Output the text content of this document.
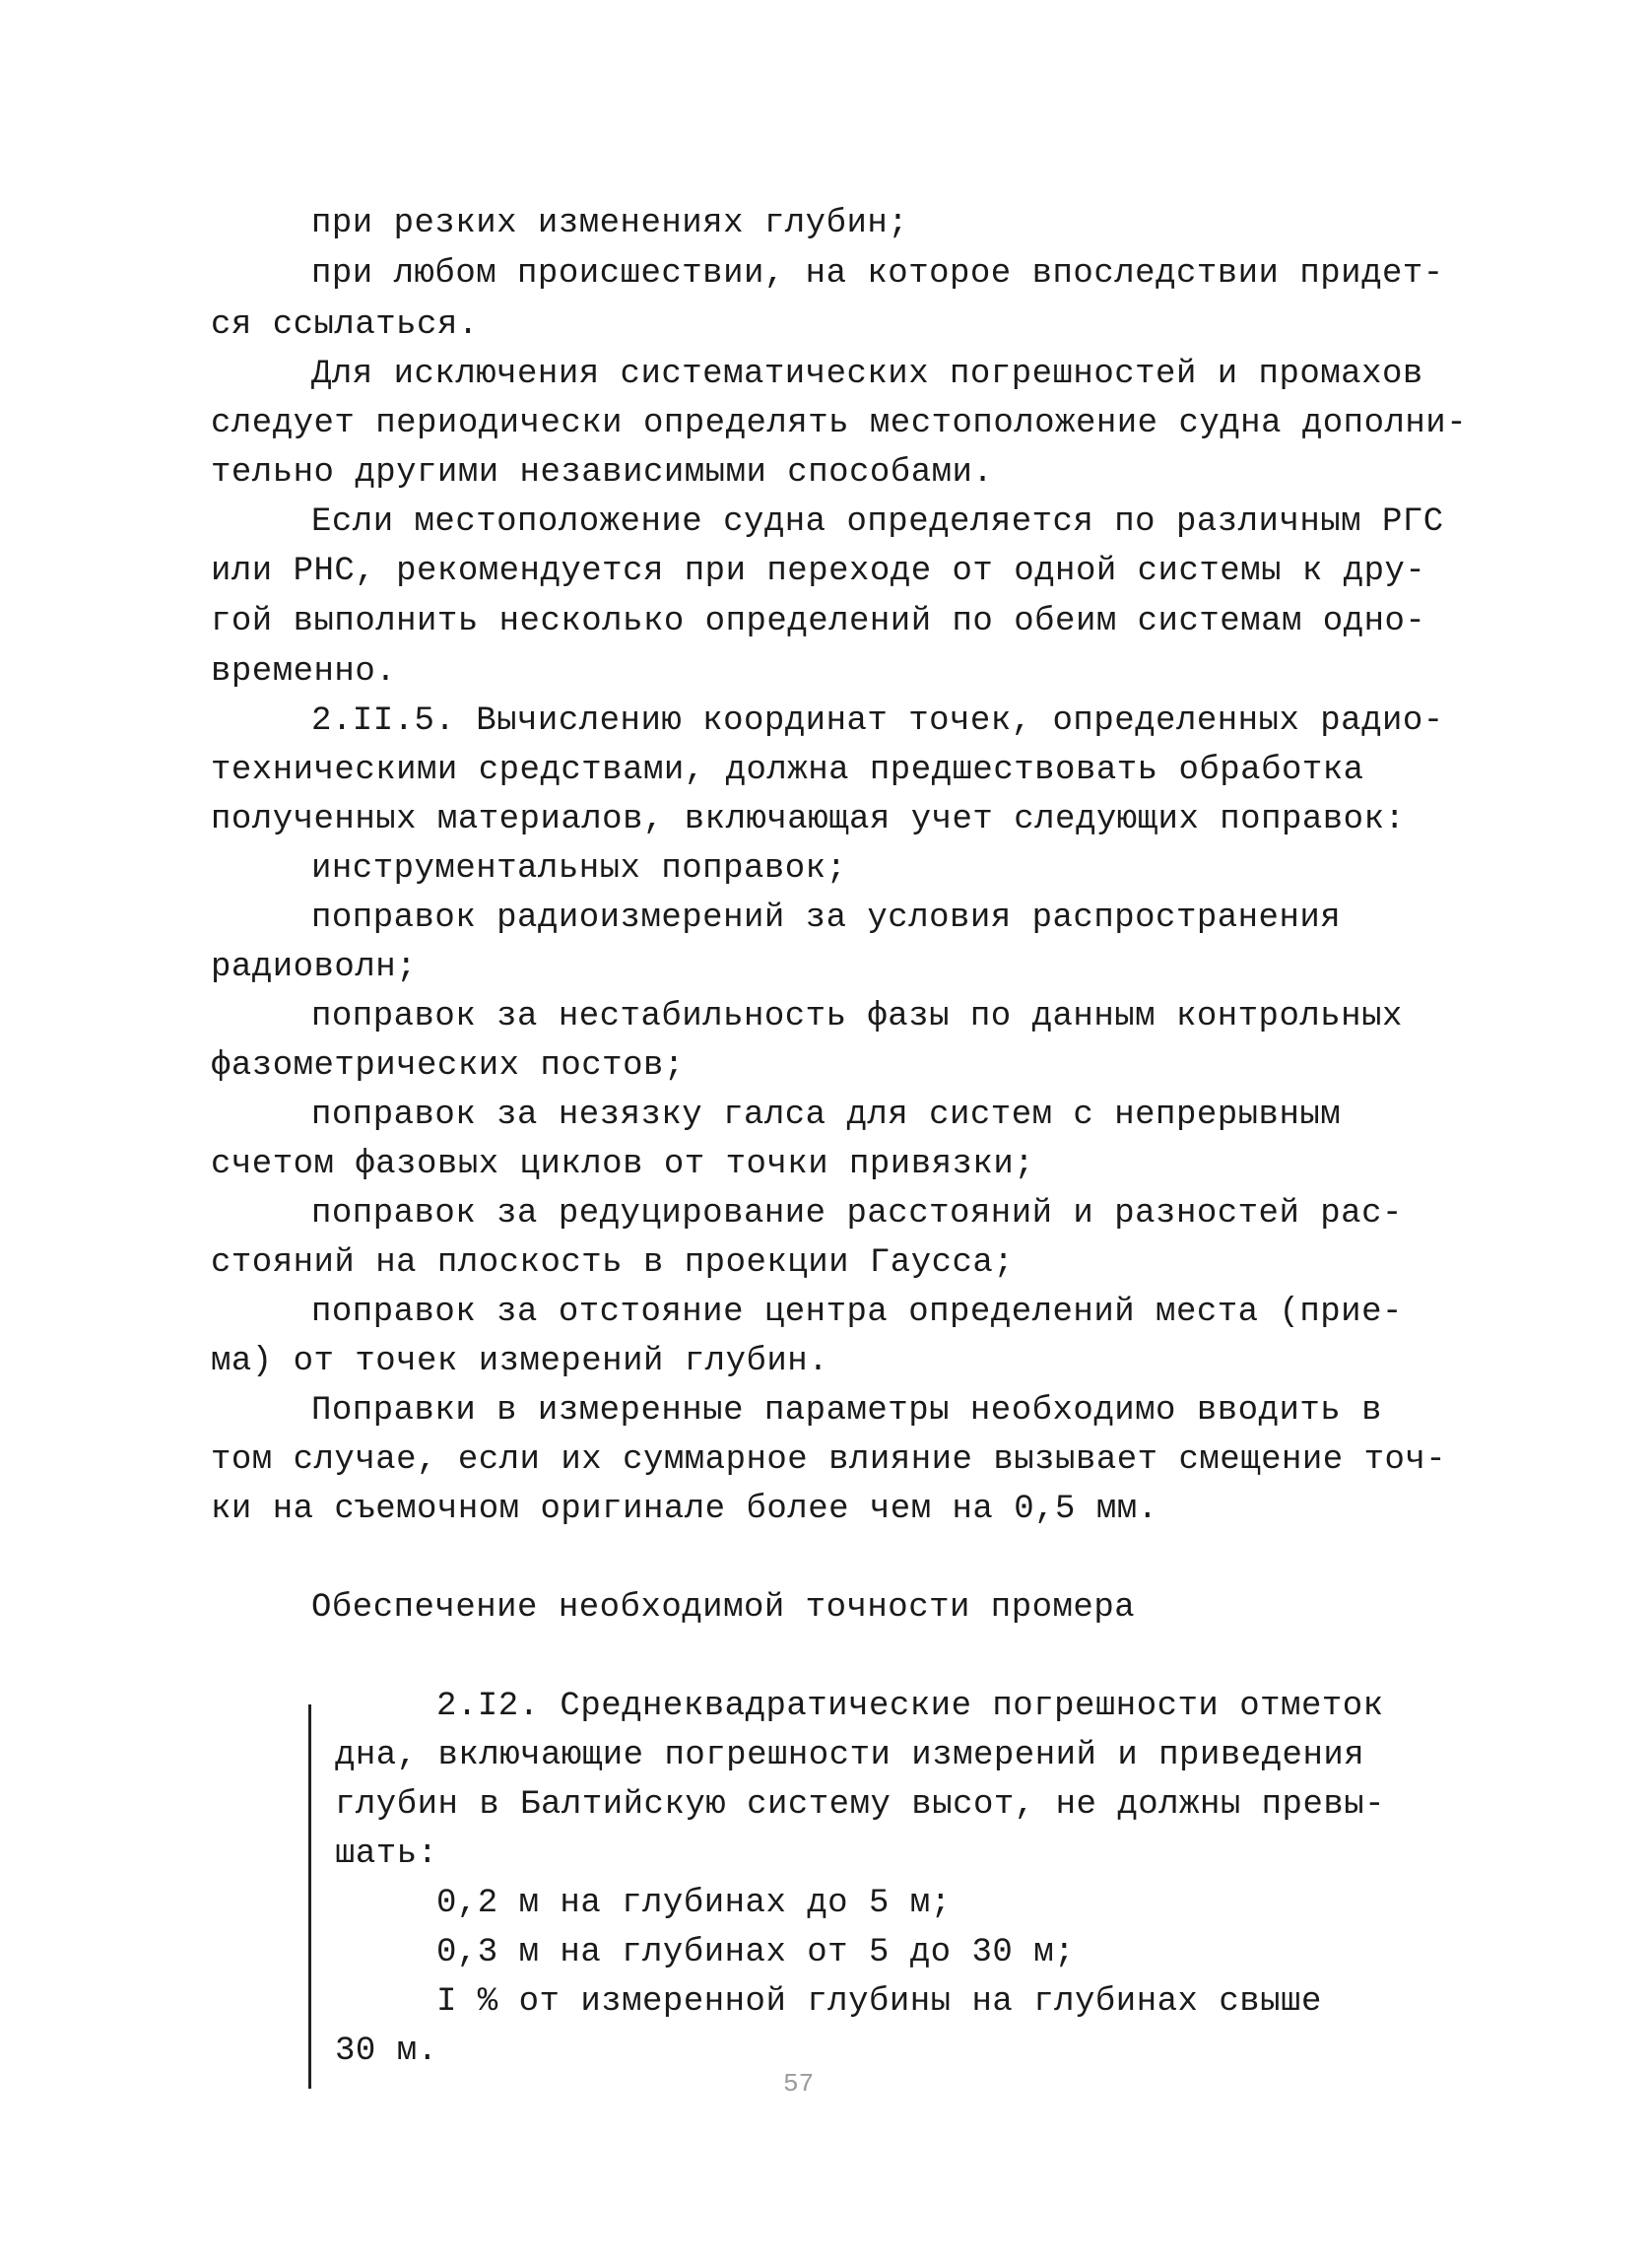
при резких изменениях глубин;
при любом происшествии, на которое впоследствии придет-
ся ссылаться.
Для исключения систематических погрешностей и промахов
следует периодически определять местоположение судна дополни-
тельно другими независимыми способами.
Если местоположение судна определяется по различным РГС
или РНС, рекомендуется при переходе от одной системы к дру-
гой выполнить несколько определений по обеим системам одно-
временно.
2.II.5. Вычислению координат точек, определенных радио-
техническими средствами, должна предшествовать обработка
полученных материалов, включающая учет следующих поправок:
инструментальных поправок;
поправок радиоизмерений за условия распространения
радиоволн;
поправок за нестабильность фазы по данным контрольных
фазометрических постов;
поправок за незязку галса для систем с непрерывным
счетом фазовых циклов от точки привязки;
поправок за редуцирование расстояний и разностей рас-
стояний на плоскость в проекции Гаусса;
поправок за отстояние центра определений места (прие-
ма) от точек измерений глубин.
Поправки в измеренные параметры необходимо вводить в
том случае, если их суммарное влияние вызывает смещение точ-
ки на съемочном оригинале более чем на 0,5 мм.
Обеспечение необходимой точности промера
2.I2. Среднеквадратические погрешности отметок
дна, включающие погрешности измерений и приведения
глубин в Балтийскую систему высот, не должны превы-
шать:
0,2 м на глубинах до 5 м;
0,3 м на глубинах от 5 до 30 м;
I % от измеренной глубины на глубинах свыше
30 м.
57
